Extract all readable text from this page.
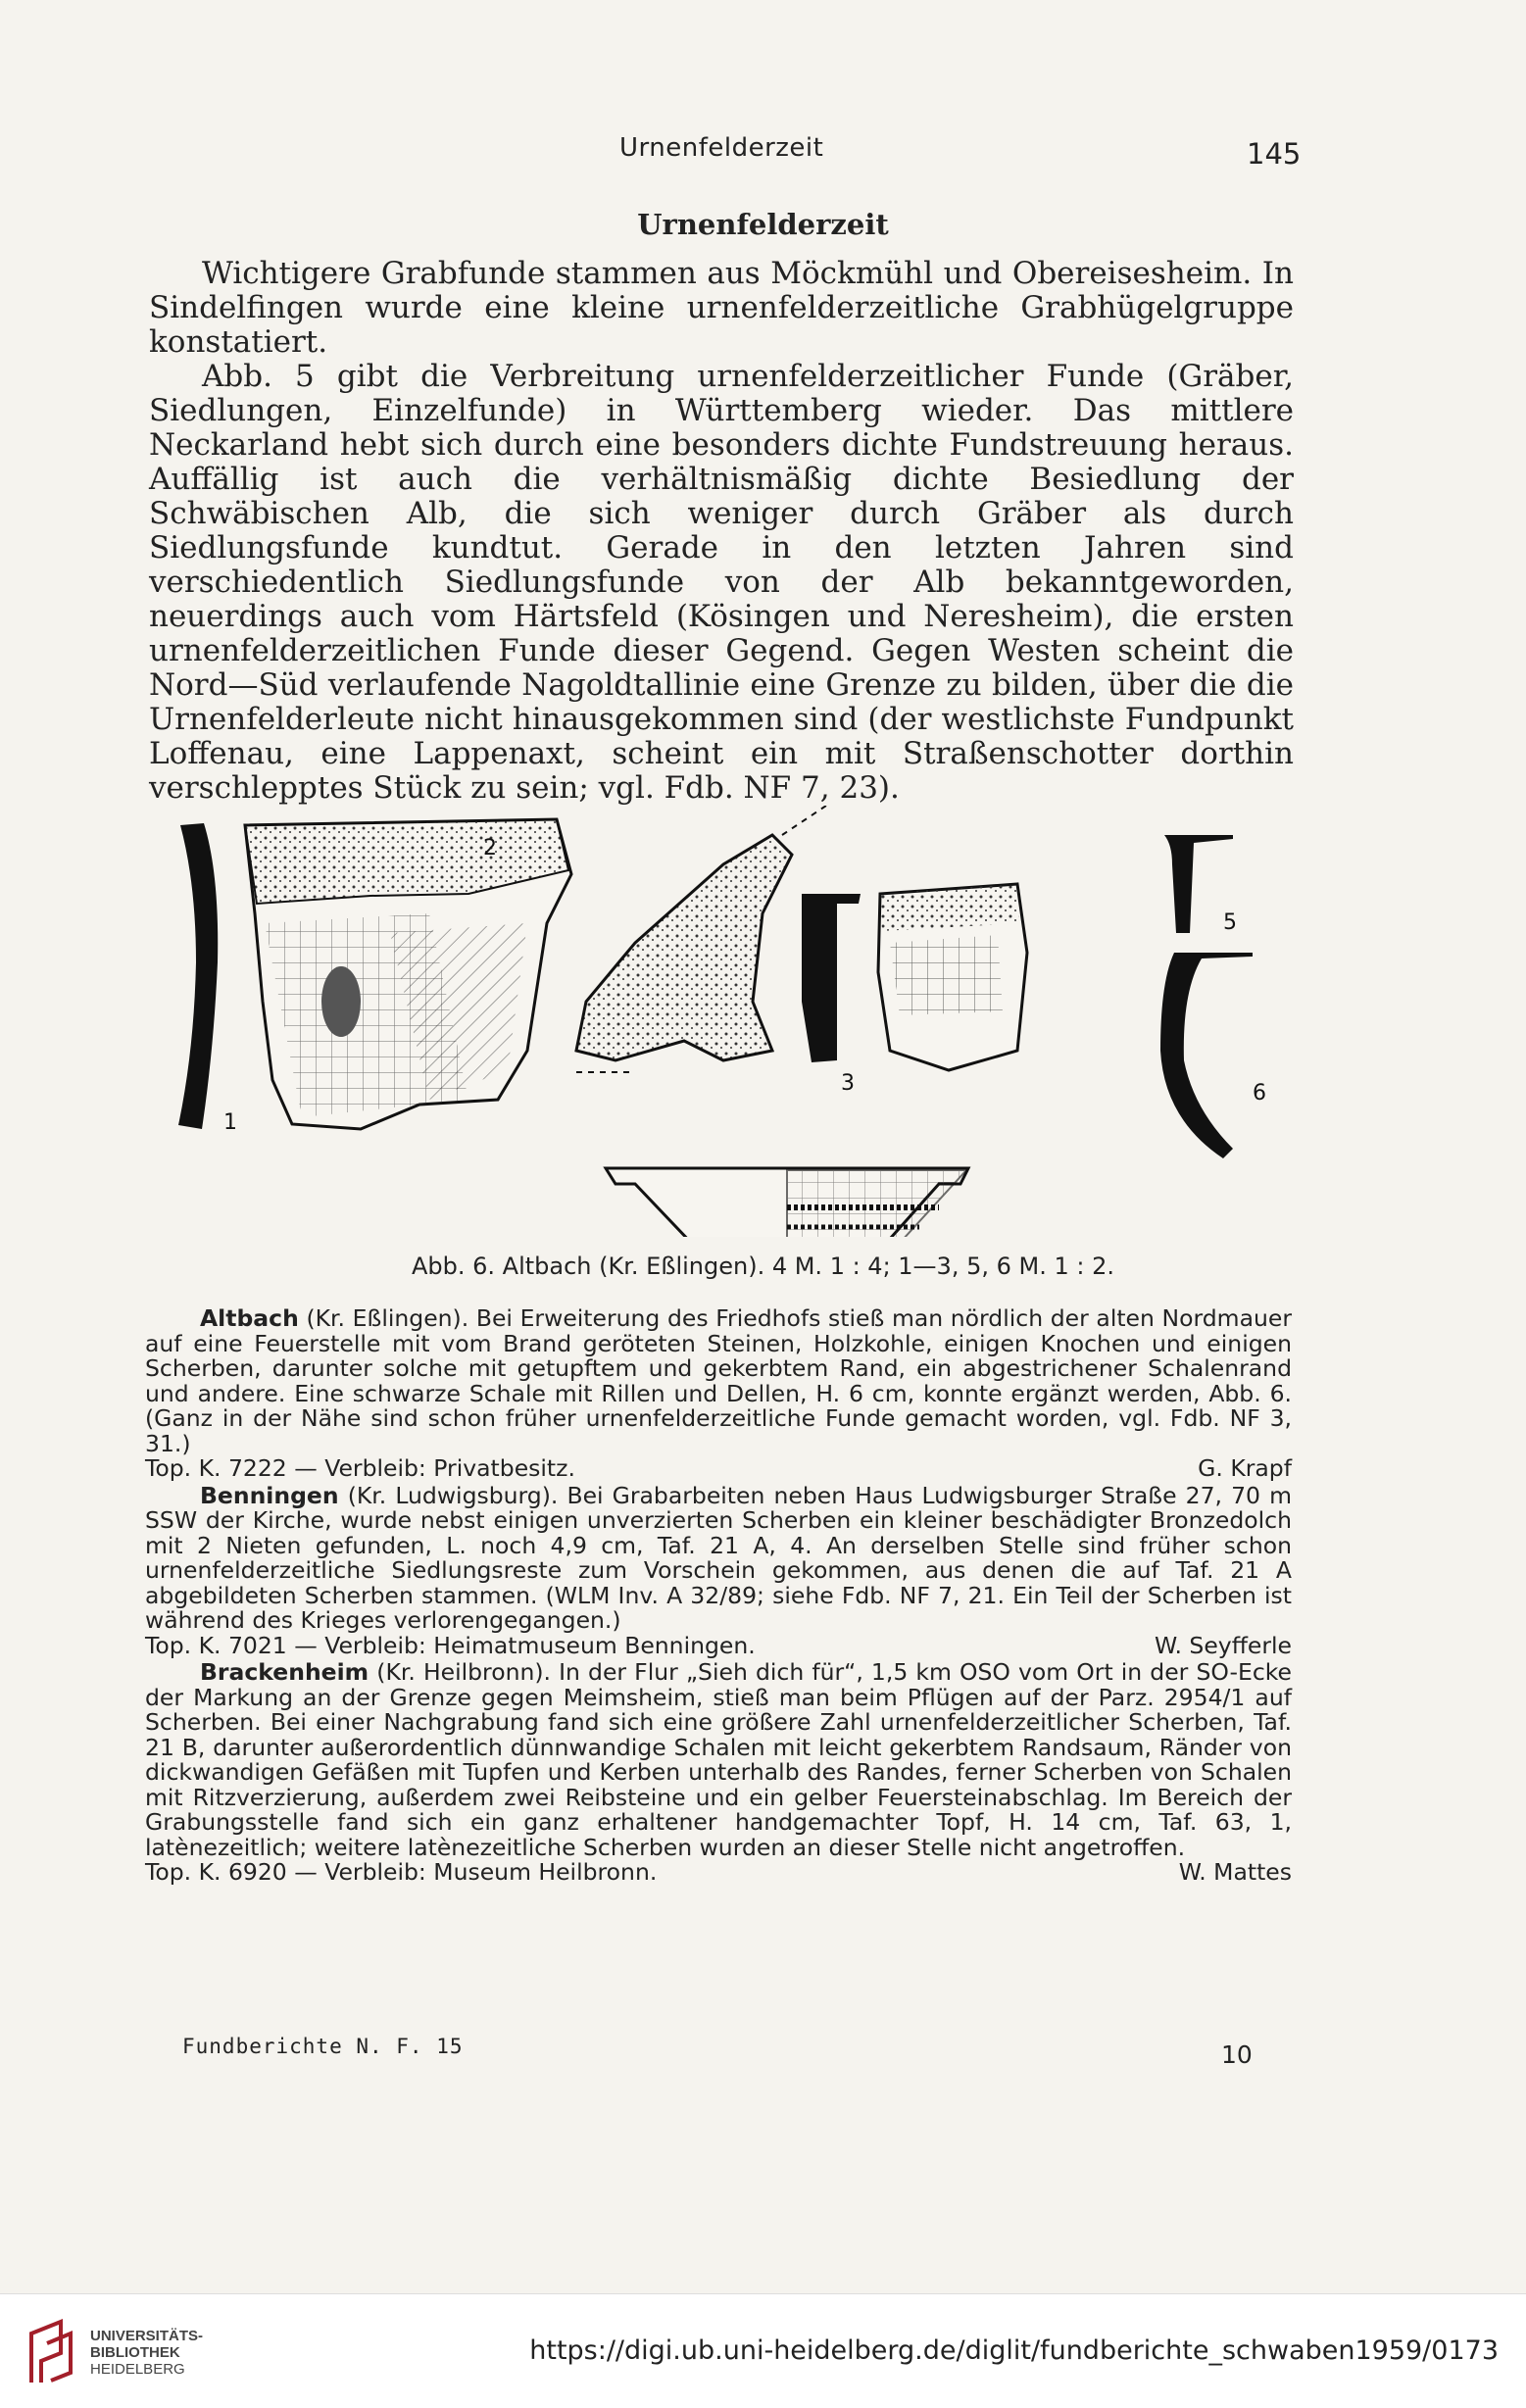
Urnenfelderzeit	145
Urnenfelderzeit

Wichtigere Grabfunde stammen aus Möckmühl und Obereisesheim. In Sindelfingen wurde eine kleine urnenfelderzeitliche Grabhügelgruppe konstatiert.

Abb. 5 gibt die Verbreitung urnenfelderzeitlicher Funde (Gräber, Siedlungen, Einzelfunde) in Württemberg wieder. Das mittlere Neckarland hebt sich durch eine besonders dichte Fundstreuung heraus. Auffällig ist auch die verhältnismäßig dichte Besiedlung der Schwäbischen Alb, die sich weniger durch Gräber als durch Siedlungsfunde kundtut. Gerade in den letzten Jahren sind verschiedentlich Siedlungsfunde von der Alb bekanntgeworden, neuerdings auch vom Härtsfeld (Kösingen und Neresheim), die ersten urnenfelderzeitlichen Funde dieser Gegend. Gegen Westen scheint die Nord—Süd verlaufende Nagoldtallinie eine Grenze zu bilden, über die die Urnenfelderleute nicht hinausgekommen sind (der westlichste Fundpunkt Loffenau, eine Lappenaxt, scheint ein mit Straßenschotter dorthin verschlepptes Stück zu sein; vgl. Fdb. NF 7, 23).

2
3
5
6
1
Abb. 6. Altbach (Kr. Eßlingen). 4 M. 1 : 4; 1—3, 5, 6 M. 1 : 2.

Altbach (Kr. Eßlingen). Bei Erweiterung des Friedhofs stieß man nördlich der alten Nordmauer auf eine Feuerstelle mit vom Brand geröteten Steinen, Holzkohle, einigen Knochen und einigen Scherben, darunter solche mit getupftem und gekerbtem Rand, ein abgestrichener Schalenrand und andere. Eine schwarze Schale mit Rillen und Dellen, H. 6 cm, konnte ergänzt werden, Abb. 6. (Ganz in der Nähe sind schon früher urnenfelderzeitliche Funde gemacht worden, vgl. Fdb. NF 3, 31.)

Top. K. 7222 — Verbleib: Privatbesitz.	G. Krapf

Benningen (Kr. Ludwigsburg). Bei Grabarbeiten neben Haus Ludwigsburger Straße 27, 70 m SSW der Kirche, wurde nebst einigen unverzierten Scherben ein kleiner beschädigter Bronzedolch mit 2 Nieten gefunden, L. noch 4,9 cm, Taf. 21 A, 4. An derselben Stelle sind früher schon urnenfelderzeitliche Siedlungsreste zum Vorschein gekommen, aus denen die auf Taf. 21 A abgebildeten Scherben stammen. (WLM Inv. A 32/89; siehe Fdb. NF 7, 21. Ein Teil der Scherben ist während des Krieges verlorengegangen.)

Top. K. 7021 — Verbleib: Heimatmuseum Benningen.	W. Seyfferle

Brackenheim (Kr. Heilbronn). In der Flur „Sieh dich für“, 1,5 km OSO vom Ort in der SO-Ecke der Markung an der Grenze gegen Meimsheim, stieß man beim Pflügen auf der Parz. 2954/1 auf Scherben. Bei einer Nachgrabung fand sich eine größere Zahl urnenfelderzeitlicher Scherben, Taf. 21 B, darunter außerordentlich dünnwandige Schalen mit leicht gekerbtem Randsaum, Ränder von dickwandigen Gefäßen mit Tupfen und Kerben unterhalb des Randes, ferner Scherben von Schalen mit Ritzverzierung, außerdem zwei Reibsteine und ein gelber Feuersteinabschlag. Im Bereich der Grabungsstelle fand sich ein ganz erhaltener handgemachter Topf, H. 14 cm, Taf. 63, 1, latènezeitlich; weitere latènezeitliche Scherben wurden an dieser Stelle nicht angetroffen.

Top. K. 6920 — Verbleib: Museum Heilbronn.	W. Mattes

Fundberichte N. F. 15	10
UNIVERSITÄTS-
BIBLIOTHEK
HEIDELBERG
https://digi.ub.uni-heidelberg.de/diglit/fundberichte_schwaben1959/0173
